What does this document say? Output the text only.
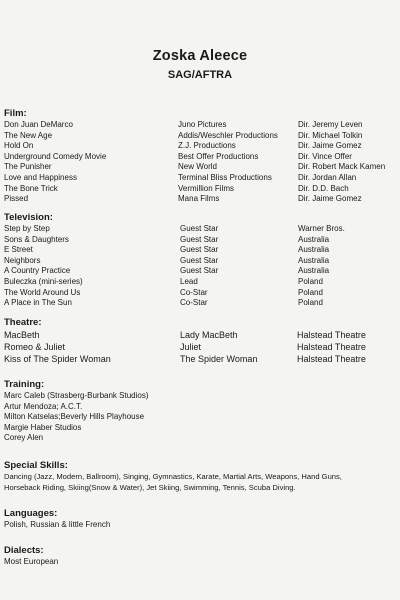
Zoska Aleece
SAG/AFTRA
Film:
Don Juan DeMarco	Juno Pictures	Dir. Jeremy Leven
The New Age	Addis/Weschler Productions	Dir. Michael Tolkin
Hold On	Z.J. Productions	Dir. Jaime Gomez
Underground Comedy Movie	Best Offer Productions	Dir. Vince Offer
The Punisher	New World	Dir. Robert Mack Kamen
Love and Happiness	Terminal Bliss Productions	Dir. Jordan Allan
The Bone Trick	Vermillion Films	Dir. D.D. Bach
Pissed	Mana Films	Dir. Jaime Gomez
Television:
Step by Step	Guest Star	Warner Bros.
Sons & Daughters	Guest Star	Australia
E Street	Guest Star	Australia
Neighbors	Guest Star	Australia
A Country Practice	Guest Star	Australia
Buleczka (mini-series)	Lead	Poland
The World Around Us	Co-Star	Poland
A Place in The Sun	Co-Star	Poland
Theatre:
MacBeth	Lady MacBeth	Halstead Theatre
Romeo & Juliet	Juliet	Halstead Theatre
Kiss of The Spider Woman	The Spider Woman	Halstead Theatre
Training:
Marc Caleb (Strasberg-Burbank Studios)
Artur Mendoza; A.C.T.
Milton Katselas;Beverly Hills Playhouse
Margie Haber Studios
Corey Alen
Special Skills:
Dancing (Jazz, Modern, Ballroom), Singing, Gymnastics, Karate, Martial Arts, Weapons, Hand Guns,
Horseback Riding, Skiing(Snow & Water), Jet Skiing, Swimming, Tennis, Scuba Diving.
Languages:
Polish, Russian & little French
Dialects:
Most European
